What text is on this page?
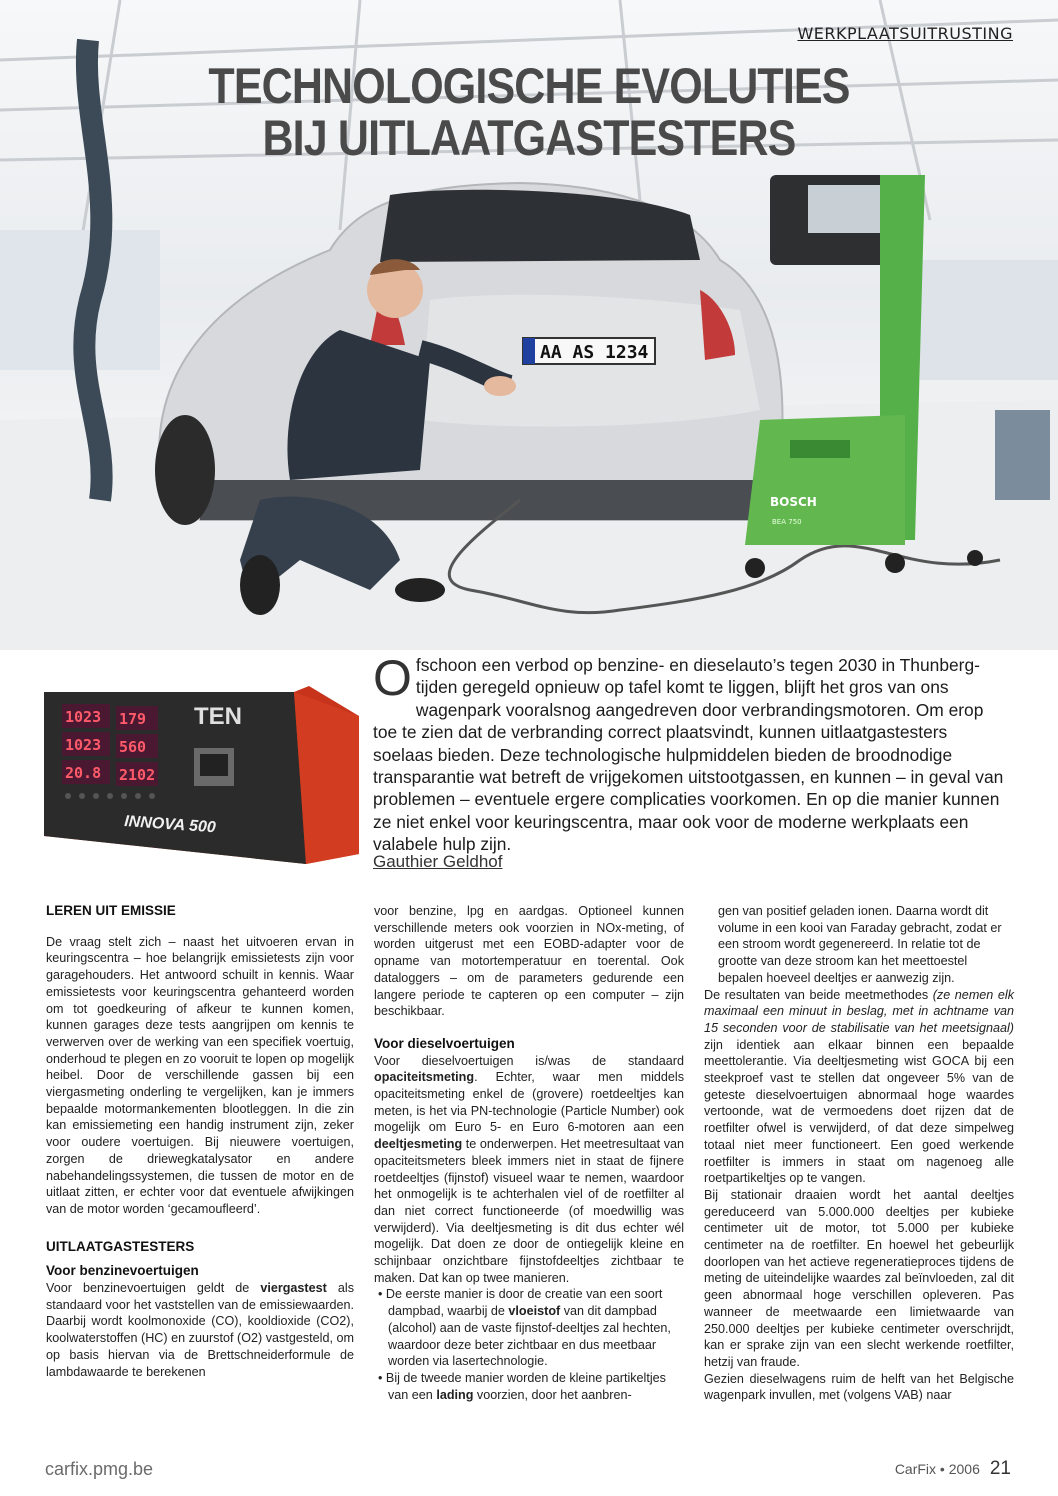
AA AS 1234
BOSCH
BEA 750
WERKPLAATSUITRUSTING
TECHNOLOGISCHE EVOLUTIES
BIJ UITLAATGASTESTERS
1023 179
1023 560
20.8 2102
TEN
INNOVA 500
Ofschoon een verbod op benzine- en dieselauto’s tegen 2030 in Thunberg-tijden geregeld opnieuw op tafel komt te liggen, blijft het gros van ons wagenpark vooralsnog aangedreven door verbrandingsmotoren. Om erop toe te zien dat de verbranding correct plaatsvindt, kunnen uitlaatgastesters soelaas bieden. Deze technologische hulpmiddelen bieden de broodnodige transparantie wat betreft de vrijgekomen uitstootgassen, en kunnen – in geval van problemen – eventuele ergere complicaties voorkomen. En op die manier kunnen ze niet enkel voor keuringscentra, maar ook voor de moderne werkplaats een valabele hulp zijn.
Gauthier Geldhof
LEREN UIT EMISSIE

De vraag stelt zich – naast het uitvoeren ervan in keuringscentra – hoe belangrijk emissietests zijn voor garagehouders. Het antwoord schuilt in kennis. Waar emissietests voor keuringscentra gehanteerd worden om tot goedkeuring of afkeur te kunnen komen, kunnen garages deze tests aangrijpen om kennis te verwerven over de werking van een specifiek voertuig, onderhoud te plegen en zo vooruit te lopen op mogelijk heibel. Door de verschillende gassen bij een viergasmeting onderling te vergelijken, kan je immers bepaalde motormankementen blootleggen. In die zin kan emissiemeting een handig instrument zijn, zeker voor oudere voertuigen. Bij nieuwere voertuigen, zorgen de driewegkatalysator en andere nabehandelingssystemen, die tussen de motor en de uitlaat zitten, er echter voor dat eventuele afwijkingen van de motor worden ‘gecamoufleerd’.

UITLAATGASTESTERS
Voor benzinevoertuigen

Voor benzinevoertuigen geldt de viergastest als standaard voor het vaststellen van de emissiewaarden. Daarbij wordt koolmonoxide (CO), kooldioxide (CO2), koolwaterstoffen (HC) en zuurstof (O2) vastgesteld, om op basis hiervan via de Brettschneiderformule de lambdawaarde te berekenen

voor benzine, lpg en aardgas. Optioneel kunnen verschillende meters ook voorzien in NOx-meting, of worden uitgerust met een EOBD-adapter voor de opname van motortemperatuur en toerental. Ook dataloggers – om de parameters gedurende een langere periode te capteren op een computer – zijn beschikbaar.

Voor dieselvoertuigen

Voor dieselvoertuigen is/was de standaard opaciteitsmeting. Echter, waar men middels opaciteitsmeting enkel de (grovere) roetdeeltjes kan meten, is het via PN-technologie (Particle Number) ook mogelijk om Euro 5- en Euro 6-motoren aan een deeltjesmeting te onderwerpen. Het meetresultaat van opaciteitsmeters bleek immers niet in staat de fijnere roetdeeltjes (fijnstof) visueel waar te nemen, waardoor het onmogelijk is te achterhalen viel of de roetfilter al dan niet correct functioneerde (of moedwillig was verwijderd). Via deeltjesmeting is dit dus echter wél mogelijk. Dat doen ze door de ontiegelijk kleine en schijnbaar onzichtbare fijnstofdeeltjes zichtbaar te maken. Dat kan op twee manieren.

• De eerste manier is door de creatie van een soort dampbad, waarbij de vloeistof van dit dampbad (alcohol) aan de vaste fijnstof-deeltjes zal hechten, waardoor deze beter zichtbaar en dus meetbaar worden via lasertechnologie.

• Bij de tweede manier worden de kleine partikeltjes van een lading voorzien, door het aanbren-

gen van positief geladen ionen. Daarna wordt dit volume in een kooi van Faraday gebracht, zodat er een stroom wordt gegenereerd. In relatie tot de grootte van deze stroom kan het meettoestel bepalen hoeveel deeltjes er aanwezig zijn.

De resultaten van beide meetmethodes (ze nemen elk maximaal een minuut in beslag, met in achtname van 15 seconden voor de stabilisatie van het meetsignaal) zijn identiek aan elkaar binnen een bepaalde meettolerantie. Via deeltjesmeting wist GOCA bij een steekproef vast te stellen dat ongeveer 5% van de geteste dieselvoertuigen abnormaal hoge waardes vertoonde, wat de vermoedens doet rijzen dat de roetfilter ofwel is verwijderd, of dat deze simpelweg totaal niet meer functioneert. Een goed werkende roetfilter is immers in staat om nagenoeg alle roetpartikeltjes op te vangen.

Bij stationair draaien wordt het aantal deeltjes gereduceerd van 5.000.000 deeltjes per kubieke centimeter uit de motor, tot 5.000 per kubieke centimeter na de roetfilter. En hoewel het gebeurlijk doorlopen van het actieve regeneratieproces tijdens de meting de uiteindelijke waardes zal beïnvloeden, zal dit geen abnormaal hoge verschillen opleveren. Pas wanneer de meetwaarde een limietwaarde van 250.000 deeltjes per kubieke centimeter overschrijdt, kan er sprake zijn van een slecht werkende roetfilter, hetzij van fraude.

Gezien dieselwagens ruim de helft van het Belgische wagenpark invullen, met (volgens VAB) naar

carfix.pmg.be	CarFix • 2006 21
